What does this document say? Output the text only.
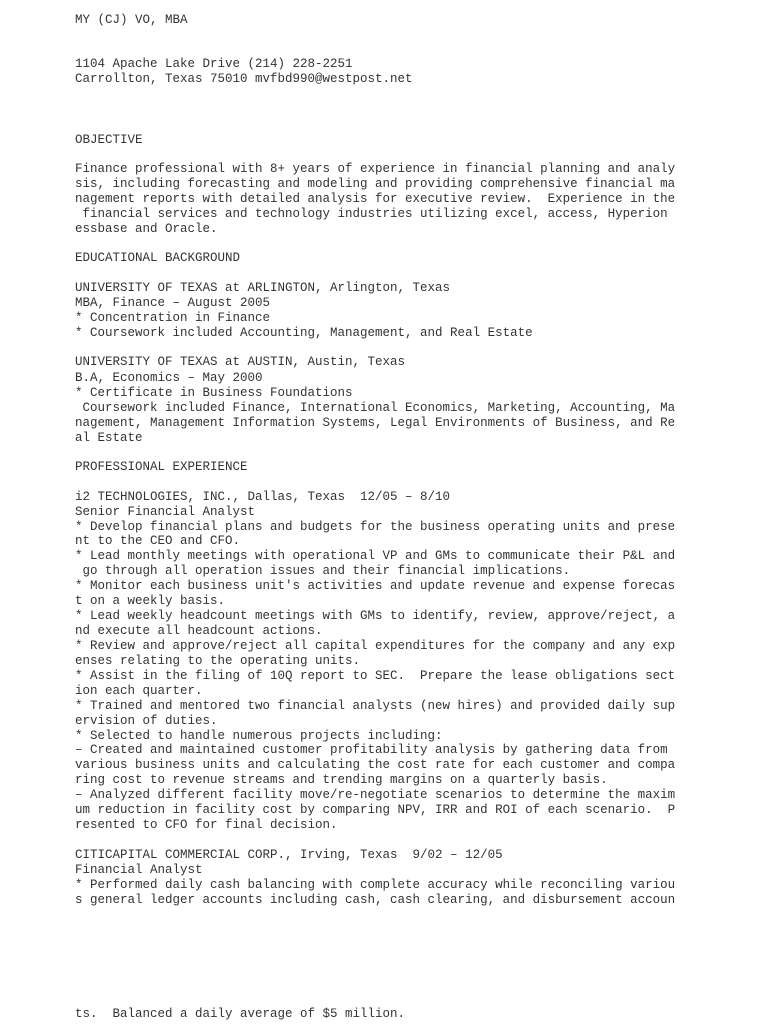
MY (CJ) VO, MBA

1104 Apache Lake Drive (214) 228-2251

Carrollton, Texas 75010 mvfbd990@westpost.net

OBJECTIVE

Finance professional with 8+ years of experience in financial planning and analy

sis, including forecasting and modeling and providing comprehensive financial ma

nagement reports with detailed analysis for executive review.  Experience in the

financial services and technology industries utilizing excel, access, Hyperion

essbase and Oracle.

EDUCATIONAL BACKGROUND

UNIVERSITY OF TEXAS at ARLINGTON, Arlington, Texas

MBA, Finance – August 2005

* Concentration in Finance

* Coursework included Accounting, Management, and Real Estate

UNIVERSITY OF TEXAS at AUSTIN, Austin, Texas

B.A, Economics – May 2000

* Certificate in Business Foundations

Coursework included Finance, International Economics, Marketing, Accounting, Ma

nagement, Management Information Systems, Legal Environments of Business, and Re

al Estate

PROFESSIONAL EXPERIENCE

i2 TECHNOLOGIES, INC., Dallas, Texas  12/05 – 8/10

Senior Financial Analyst

* Develop financial plans and budgets for the business operating units and prese

nt to the CEO and CFO.

* Lead monthly meetings with operational VP and GMs to communicate their P&L and

go through all operation issues and their financial implications.

* Monitor each business unit's activities and update revenue and expense forecas

t on a weekly basis.

* Lead weekly headcount meetings with GMs to identify, review, approve/reject, a

nd execute all headcount actions.

* Review and approve/reject all capital expenditures for the company and any exp

enses relating to the operating units.

* Assist in the filing of 10Q report to SEC.  Prepare the lease obligations sect

ion each quarter.

* Trained and mentored two financial analysts (new hires) and provided daily sup

ervision of duties.

* Selected to handle numerous projects including:

– Created and maintained customer profitability analysis by gathering data from

various business units and calculating the cost rate for each customer and compa

ring cost to revenue streams and trending margins on a quarterly basis.

– Analyzed different facility move/re-negotiate scenarios to determine the maxim

um reduction in facility cost by comparing NPV, IRR and ROI of each scenario.  P

resented to CFO for final decision.

CITICAPITAL COMMERCIAL CORP., Irving, Texas  9/02 – 12/05

Financial Analyst

* Performed daily cash balancing with complete accuracy while reconciling variou

s general ledger accounts including cash, cash clearing, and disbursement accoun

ts.  Balanced a daily average of $5 million.
